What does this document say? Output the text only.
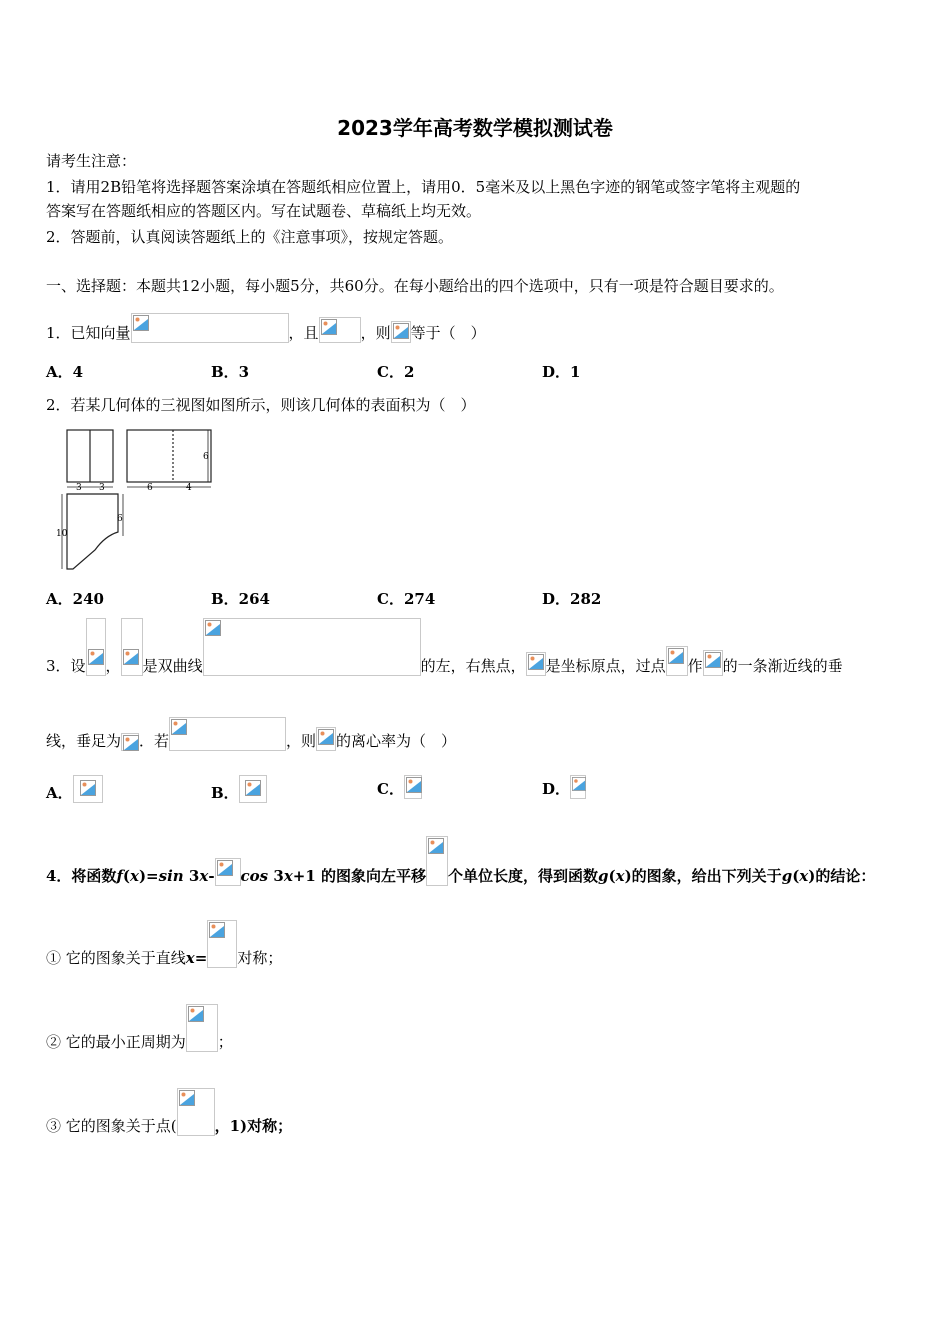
2023学年高考数学模拟测试卷
请考生注意：
1．请用2B铅笔将选择题答案涂填在答题纸相应位置上，请用0．5毫米及以上黑色字迹的钢笔或签字笔将主观题的
答案写在答题纸相应的答题区内。写在试题卷、草稿纸上均无效。
2．答题前，认真阅读答题纸上的《注意事项》，按规定答题。
一、选择题：本题共12小题，每小题5分，共60分。在每小题给出的四个选项中，只有一项是符合题目要求的。
1．已知向量	，且	，则 等于（　）
A．4	B．3	C．2	D．1
2．若某几何体的三视图如图所示，则该几何体的表面积为（　）
3 3	6	4
6
10
6
A．240	B．264	C．274	D．282
3．设 ， 是双曲线	的左，右焦点， 是坐标原点，过点 作 的一条渐近线的垂
线，垂足为 ．若	，则 的离心率为（　）
A．	B．	C．	D．
4．将函数f(x)=sin 3x- cos 3x+1 的图象向左平移 个单位长度，得到函数g(x)的图象，给出下列关于g(x)的结论：
① 它的图象关于直线x= 对称；
② 它的最小正周期为 ；
③ 它的图象关于点(	，1)对称；
